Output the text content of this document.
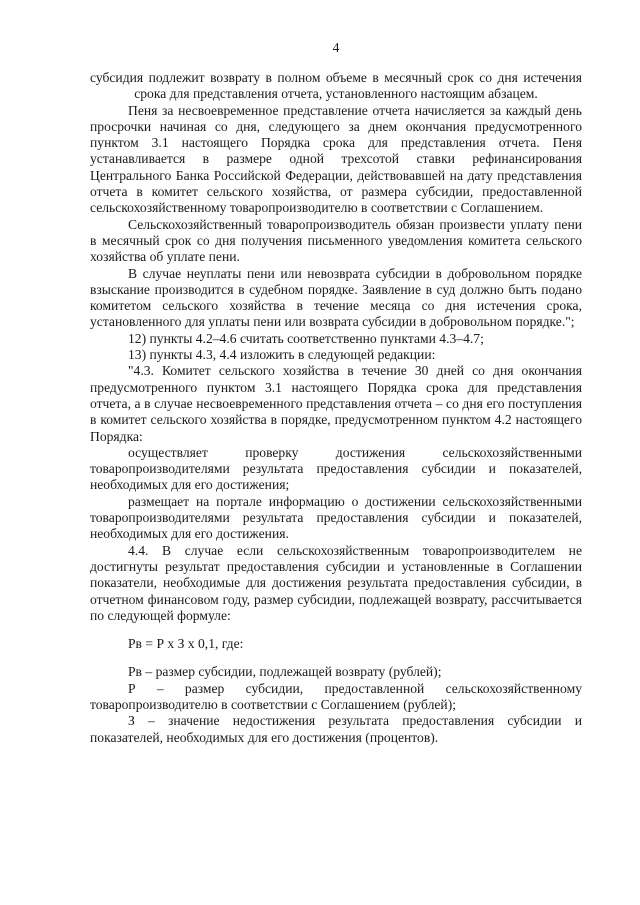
4

субсидия подлежит возврату в полном объеме в месячный срок со дня истечения срока для представления отчета, установленного настоящим абзацем.

Пеня за несвоевременное представление отчета начисляется за каждый день просрочки начиная со дня, следующего за днем окончания предусмотренного пунктом 3.1 настоящего Порядка срока для представления отчета. Пеня устанавливается в размере одной трехсотой ставки рефинансирования Центрального Банка Российской Федерации, действовавшей на дату представления отчета в комитет сельского хозяйства, от размера субсидии, предоставленной сельскохозяйственному товаропроизводителю в соответствии с Соглашением.

Сельскохозяйственный товаропроизводитель обязан произвести уплату пени в месячный срок со дня получения письменного уведомления комитета сельского хозяйства об уплате пени.

В случае неуплаты пени или невозврата субсидии в добровольном порядке взыскание производится в судебном порядке. Заявление в суд должно быть подано комитетом сельского хозяйства в течение месяца со дня истечения срока, установленного для уплаты пени или возврата субсидии в добровольном порядке.";

12) пункты 4.2–4.6 считать соответственно пунктами 4.3–4.7;

13) пункты 4.3, 4.4 изложить в следующей редакции:

"4.3. Комитет сельского хозяйства в течение 30 дней со дня окончания предусмотренного пунктом 3.1 настоящего Порядка срока для представления отчета, а в случае несвоевременного представления отчета – со дня его поступления в комитет сельского хозяйства в порядке, предусмотренном пунктом 4.2 настоящего Порядка:

осуществляет проверку достижения сельскохозяйственными товаропроизводителями результата предоставления субсидии и показателей, необходимых для его достижения;

размещает на портале информацию о достижении сельскохозяйственными товаропроизводителями результата предоставления субсидии и показателей, необходимых для его достижения.

4.4. В случае если сельскохозяйственным товаропроизводителем не достигнуты результат предоставления субсидии и установленные в Соглашении показатели, необходимые для достижения результата предоставления субсидии, в отчетном финансовом году, размер субсидии, подлежащей возврату, рассчитывается по следующей формуле:

Рв = Р х З х 0,1, где:

Рв – размер субсидии, подлежащей возврату (рублей);

Р – размер субсидии, предоставленной сельскохозяйственному товаропроизводителю в соответствии с Соглашением (рублей);

З – значение недостижения результата предоставления субсидии и показателей, необходимых для его достижения (процентов).
